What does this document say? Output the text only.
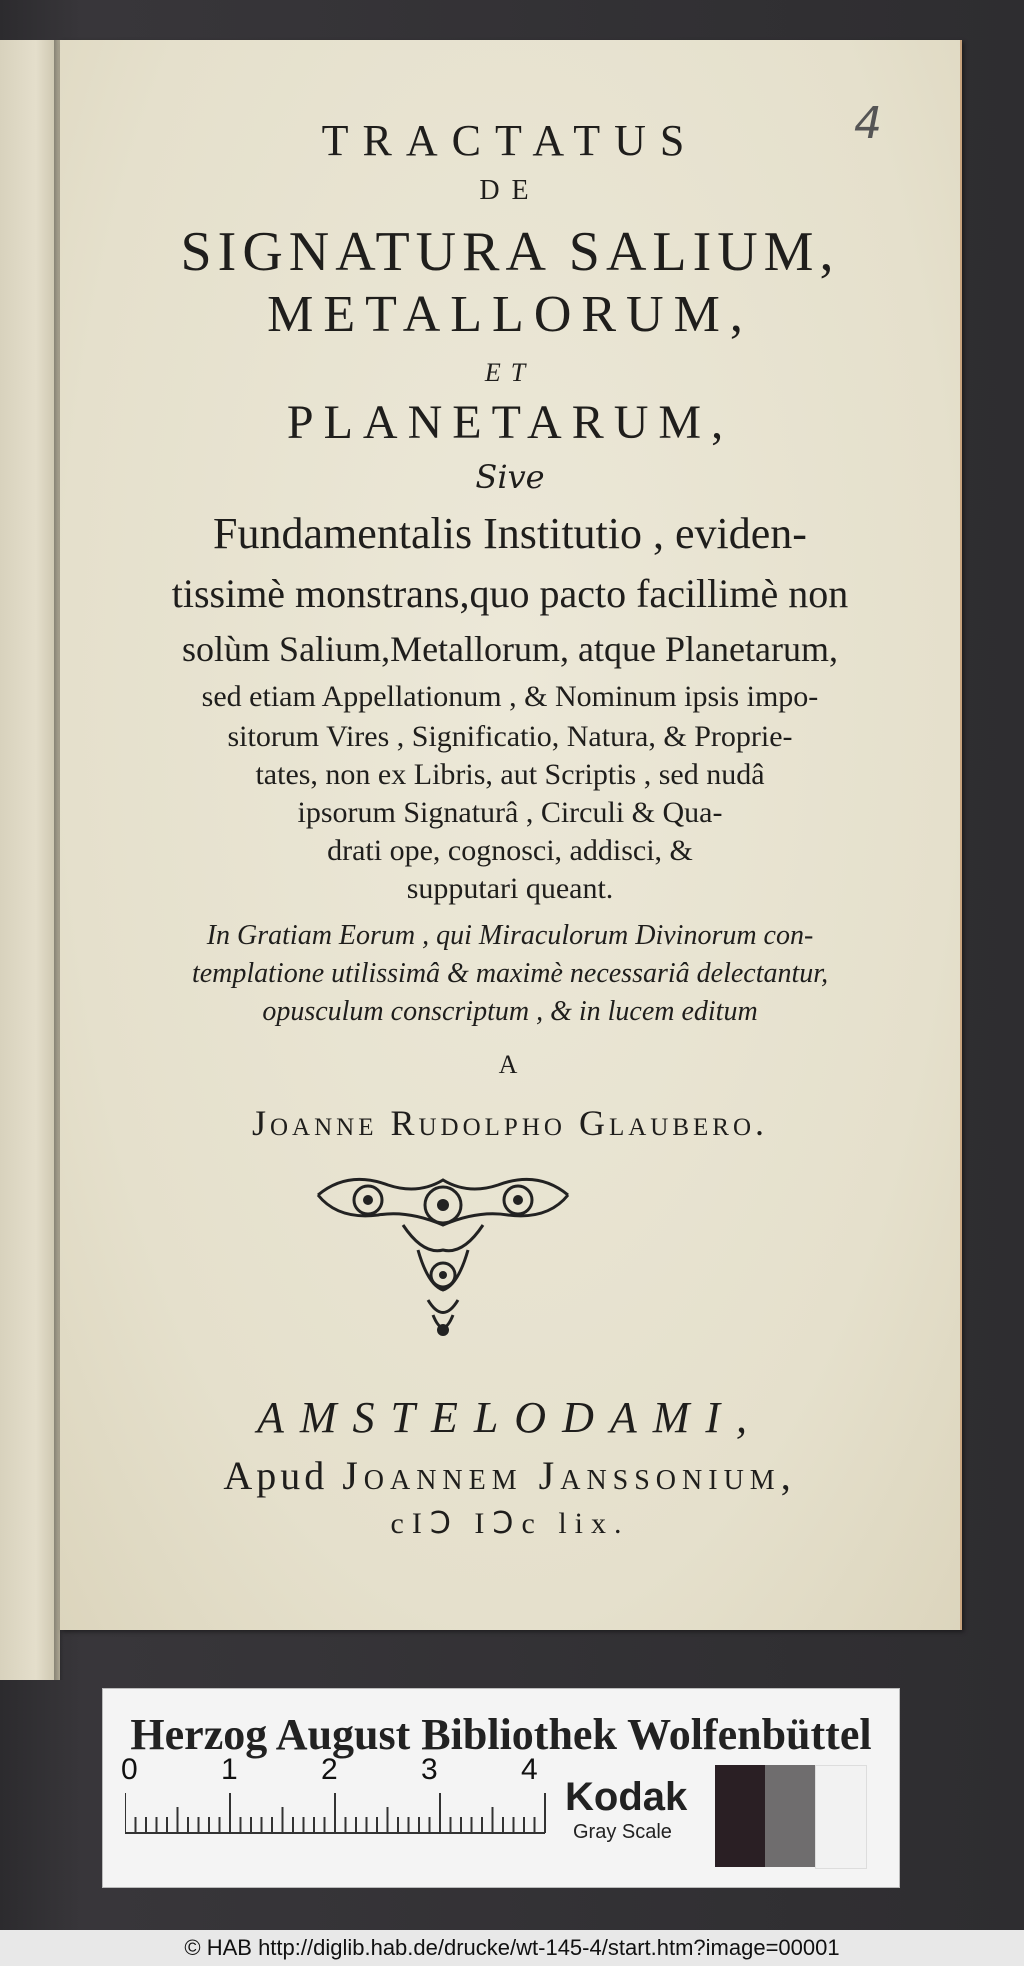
4
TRACTATUS
DE
SIGNATURA SALIUM,
METALLORUM,
ET
PLANETARUM,
Sive
Fundamentalis Institutio , eviden-
tissimè monstrans,quo pacto facillimè non
solùm Salium,Metallorum, atque Planetarum,
sed etiam Appellationum , & Nominum ipsis impo-
sitorum Vires , Significatio, Natura, & Proprie-
tates, non ex Libris, aut Scriptis , sed nudâ
ipsorum Signaturâ , Circuli & Qua-
drati ope, cognosci, addisci, &
supputari queant.
In Gratiam Eorum , qui Miraculorum Divinorum con-
templatione utilissimâ & maximè necessariâ delectantur,
opusculum conscriptum , & in lucem editum
A
Joanne Rudolpho Glaubero.
AMSTELODAMI,
Apud Joannem Janssonium,
cIↃ IↃc lix.
Herzog August Bibliothek Wolfenbüttel
0	1	2	3	4
Kodak
Gray Scale
© HAB http://diglib.hab.de/drucke/wt-145-4/start.htm?image=00001
